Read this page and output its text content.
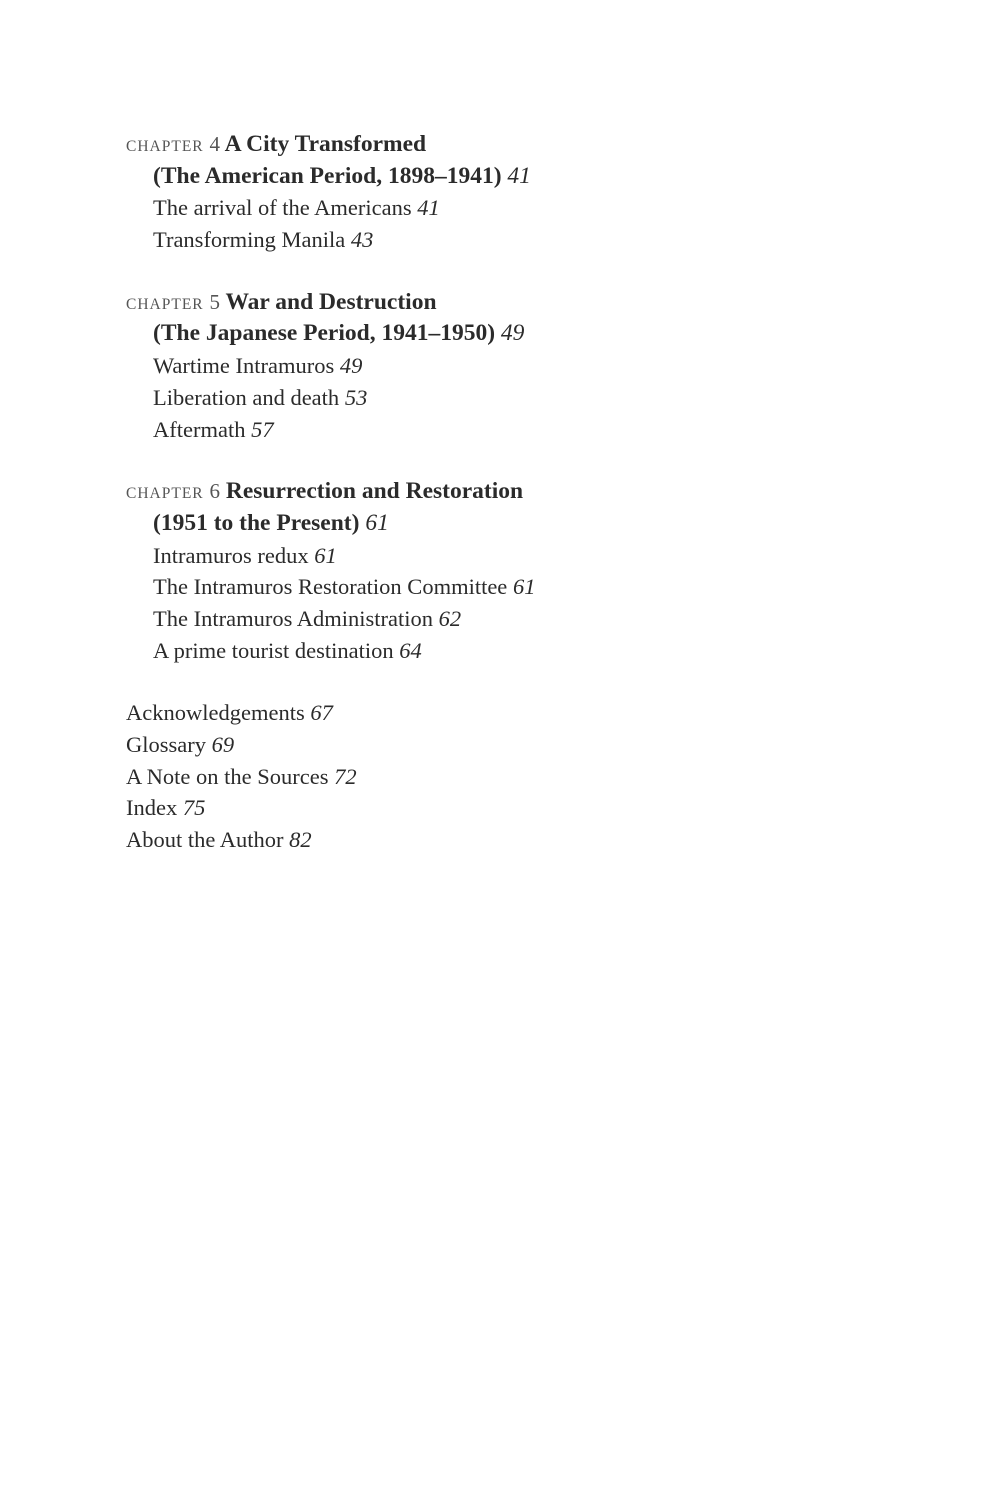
CHAPTER 4 A City Transformed
(The American Period, 1898–1941) 41
The arrival of the Americans 41
Transforming Manila 43
CHAPTER 5 War and Destruction
(The Japanese Period, 1941–1950) 49
Wartime Intramuros 49
Liberation and death 53
Aftermath 57
CHAPTER 6 Resurrection and Restoration
(1951 to the Present) 61
Intramuros redux 61
The Intramuros Restoration Committee 61
The Intramuros Administration 62
A prime tourist destination 64
Acknowledgements 67
Glossary 69
A Note on the Sources 72
Index 75
About the Author 82
